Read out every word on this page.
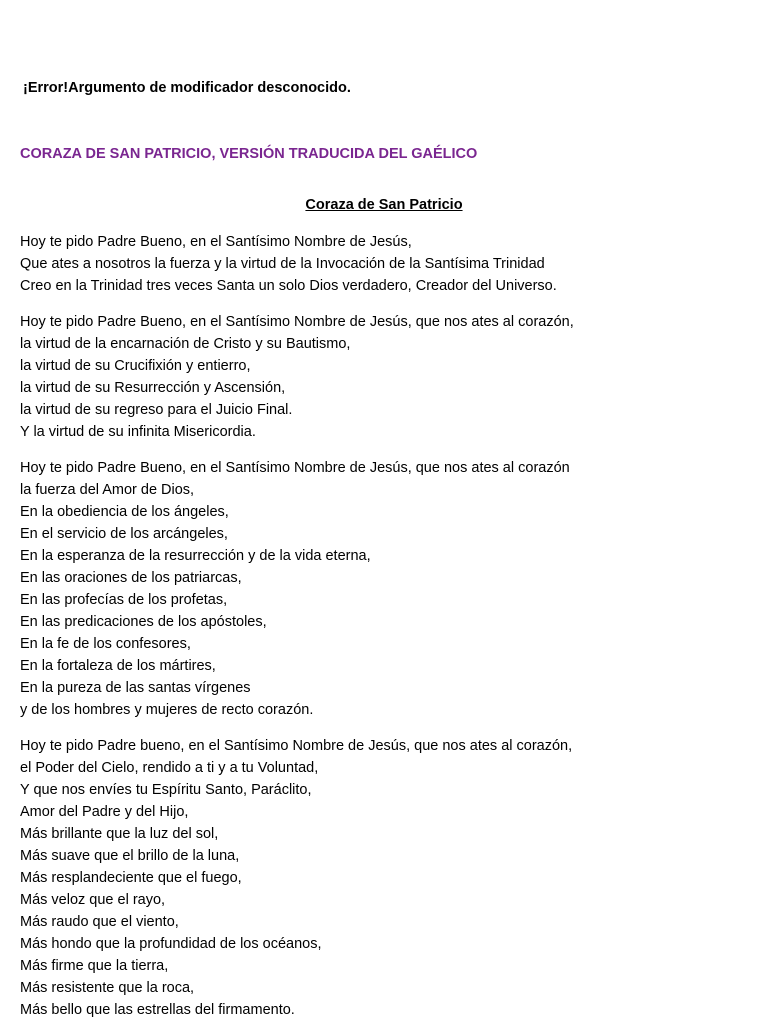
¡Error!Argumento de modificador desconocido.
CORAZA DE SAN PATRICIO, VERSIÓN TRADUCIDA DEL GAÉLICO
Coraza de San Patricio
Hoy te pido Padre Bueno, en el Santísimo Nombre de Jesús,
Que ates a nosotros la fuerza y la virtud de la Invocación de la Santísima Trinidad
Creo en la Trinidad tres veces Santa un solo Dios verdadero, Creador del Universo.
Hoy te pido Padre Bueno, en el Santísimo Nombre de Jesús, que nos ates al corazón,
la virtud de la encarnación de Cristo y su Bautismo,
la virtud de su Crucifixión y entierro,
la virtud de su Resurrección y Ascensión,
la virtud de su regreso para el Juicio Final.
Y la virtud de su infinita Misericordia.
Hoy te pido Padre Bueno, en el Santísimo Nombre de Jesús, que nos ates al corazón
la fuerza del Amor de Dios,
En la obediencia de los ángeles,
En el servicio de los arcángeles,
En la esperanza de la resurrección y de la vida eterna,
En las oraciones de los patriarcas,
En las profecías de los profetas,
En las predicaciones de los apóstoles,
En la fe de los confesores,
En la fortaleza de los mártires,
En la pureza de las santas vírgenes
y de los hombres y mujeres de recto corazón.
Hoy te pido Padre bueno, en el Santísimo Nombre de Jesús, que nos ates al corazón,
el Poder del Cielo, rendido a ti y a tu Voluntad,
Y que nos envíes tu Espíritu Santo, Paráclito,
Amor del Padre y del Hijo,
Más brillante que la luz del sol,
Más suave que el brillo de la luna,
Más resplandeciente que el fuego,
Más veloz que el rayo,
Más raudo que el viento,
Más hondo que la profundidad de los océanos,
Más firme que la tierra,
Más resistente que la roca,
Más bello que las estrellas del firmamento.
